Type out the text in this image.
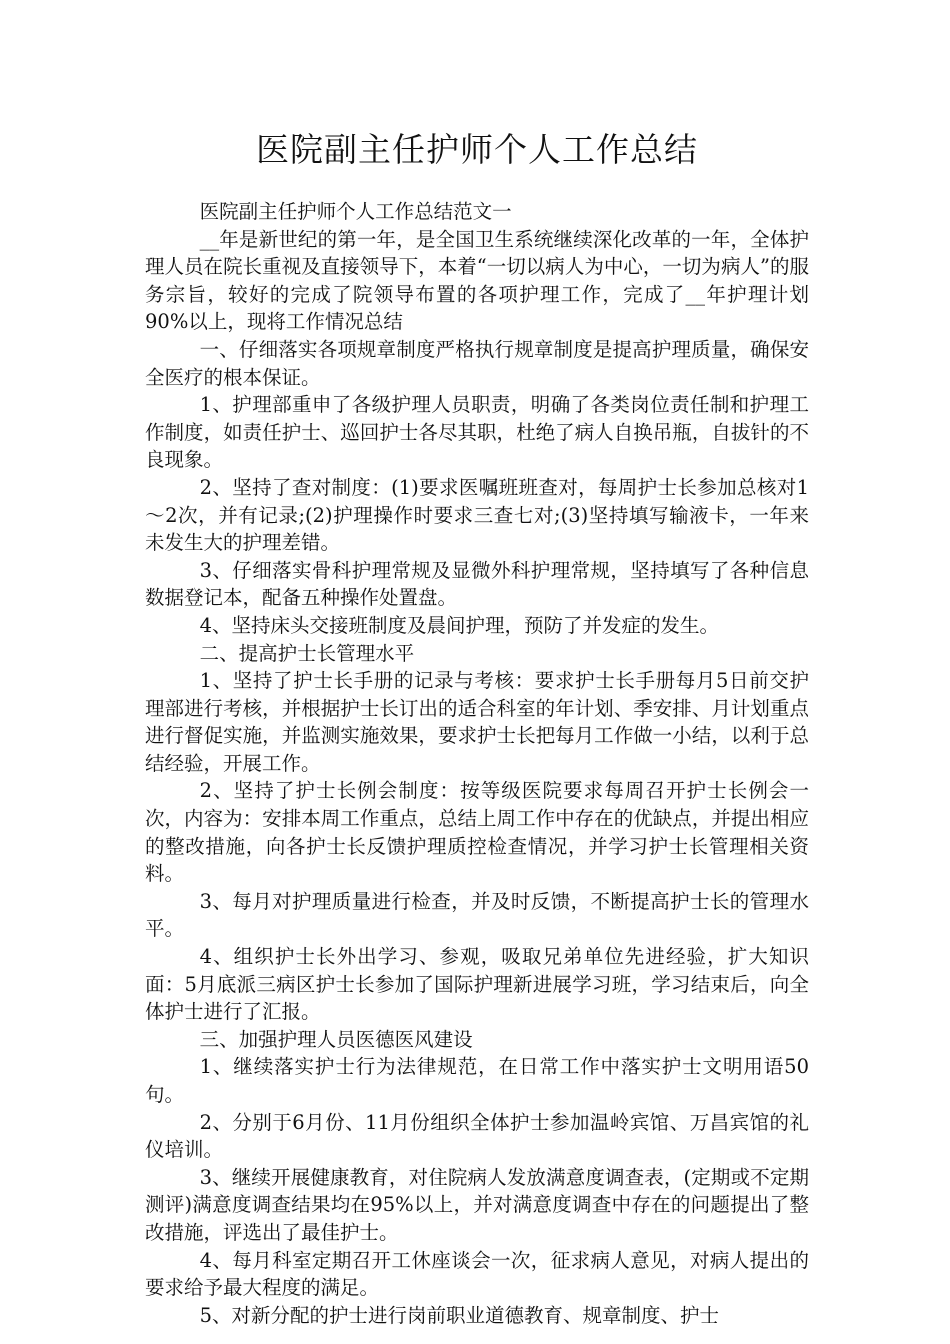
医院副主任护师个人工作总结

医院副主任护师个人工作总结范文一

__年是新世纪的第一年，是全国卫生系统继续深化改革的一年，全体护理人员在院长重视及直接领导下，本着“一切以病人为中心，一切为病人”的服务宗旨，较好的完成了院领导布置的各项护理工作，完成了__年护理计划90%以上，现将工作情况总结

一、仔细落实各项规章制度严格执行规章制度是提高护理质量，确保安全医疗的根本保证。

1、护理部重申了各级护理人员职责，明确了各类岗位责任制和护理工作制度，如责任护士、巡回护士各尽其职，杜绝了病人自换吊瓶，自拔针的不良现象。

2、坚持了查对制度：(1)要求医嘱班班查对，每周护士长参加总核对1～2次，并有记录;(2)护理操作时要求三查七对;(3)坚持填写输液卡，一年来未发生大的护理差错。

3、仔细落实骨科护理常规及显微外科护理常规，坚持填写了各种信息数据登记本，配备五种操作处置盘。

4、坚持床头交接班制度及晨间护理，预防了并发症的发生。

二、提高护士长管理水平

1、坚持了护士长手册的记录与考核：要求护士长手册每月5日前交护理部进行考核，并根据护士长订出的适合科室的年计划、季安排、月计划重点进行督促实施，并监测实施效果，要求护士长把每月工作做一小结，以利于总结经验，开展工作。

2、坚持了护士长例会制度：按等级医院要求每周召开护士长例会一次，内容为：安排本周工作重点，总结上周工作中存在的优缺点，并提出相应的整改措施，向各护士长反馈护理质控检查情况，并学习护士长管理相关资料。

3、每月对护理质量进行检查，并及时反馈，不断提高护士长的管理水平。

4、组织护士长外出学习、参观，吸取兄弟单位先进经验，扩大知识面：5月底派三病区护士长参加了国际护理新进展学习班，学习结束后，向全体护士进行了汇报。

三、加强护理人员医德医风建设

1、继续落实护士行为法律规范，在日常工作中落实护士文明用语50句。

2、分别于6月份、11月份组织全体护士参加温岭宾馆、万昌宾馆的礼仪培训。

3、继续开展健康教育，对住院病人发放满意度调查表，(定期或不定期测评)满意度调查结果均在95%以上，并对满意度调查中存在的问题提出了整改措施，评选出了最佳护士。

4、每月科室定期召开工休座谈会一次，征求病人意见，对病人提出的要求给予最大程度的满足。

5、对新分配的护士进行岗前职业道德教育、规章制度、护士
